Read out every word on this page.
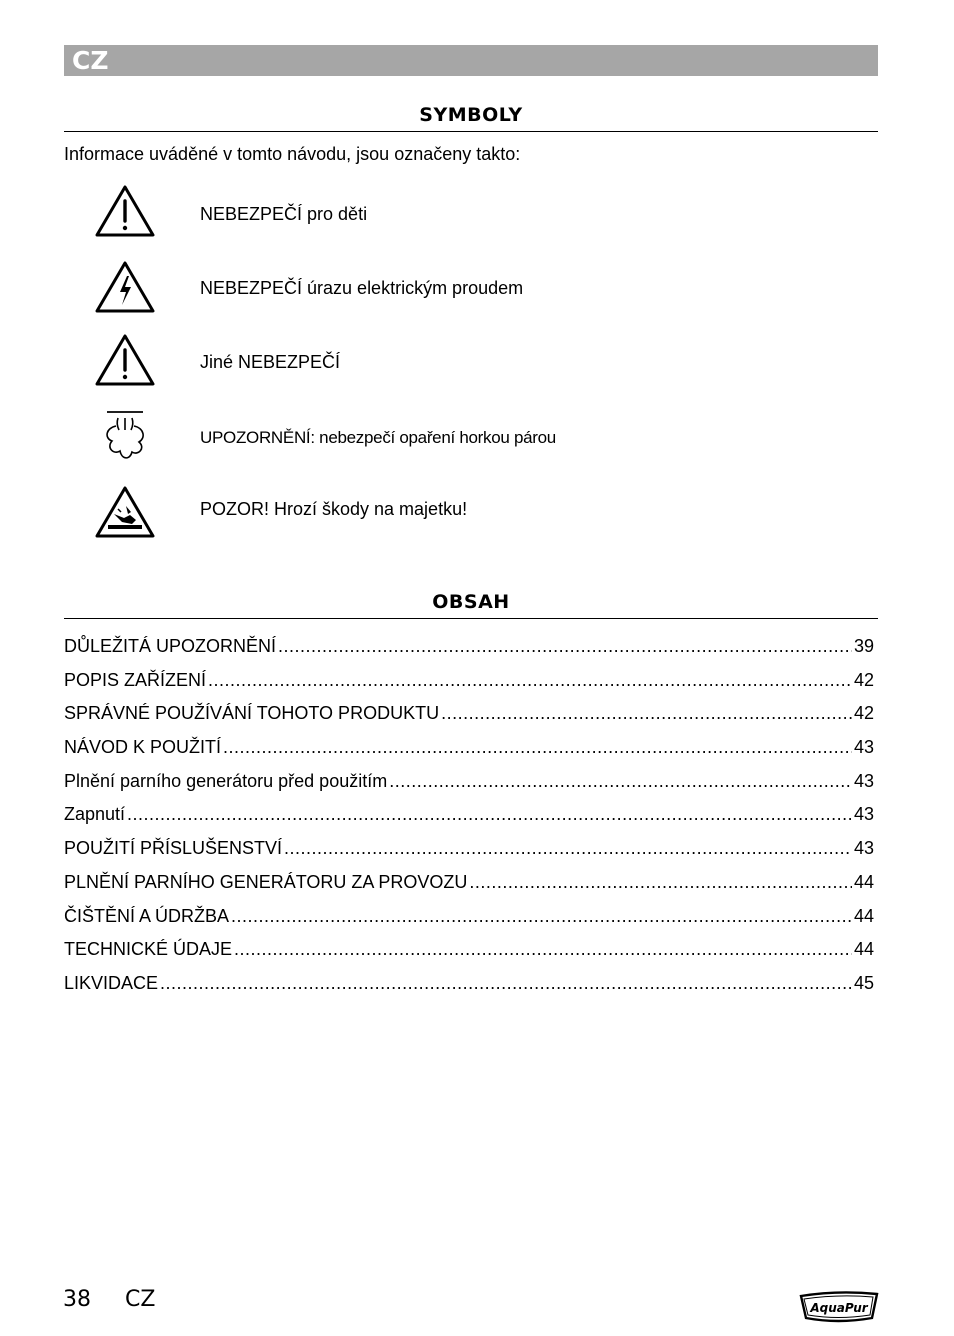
CZ
SYMBOLY
Informace uváděné v tomto návodu, jsou označeny takto:
NEBEZPEČÍ pro děti
NEBEZPEČÍ úrazu elektrickým proudem
Jiné NEBEZPEČÍ
UPOZORNĚNÍ: nebezpečí opaření horkou párou
POZOR! Hrozí škody na majetku!
OBSAH
DŮLEŽITÁ UPOZORNĚNÍ .....	39
POPIS ZAŘÍZENÍ .....	42
SPRÁVNÉ POUŽÍVÁNÍ TOHOTO PRODUKTU .....	42
NÁVOD K POUŽITÍ .....	43
Plnění parního generátoru před použitím .....	43
Zapnutí .....	43
POUŽITÍ PŘÍSLUŠENSTVÍ .....	43
PLNĚNÍ PARNÍHO GENERÁTORU ZA PROVOZU .....	44
ČIŠTĚNÍ A ÚDRŽBA .....	44
TECHNICKÉ ÚDAJE .....	44
LIKVIDACE .....	45
38 CZ	AquaPur
